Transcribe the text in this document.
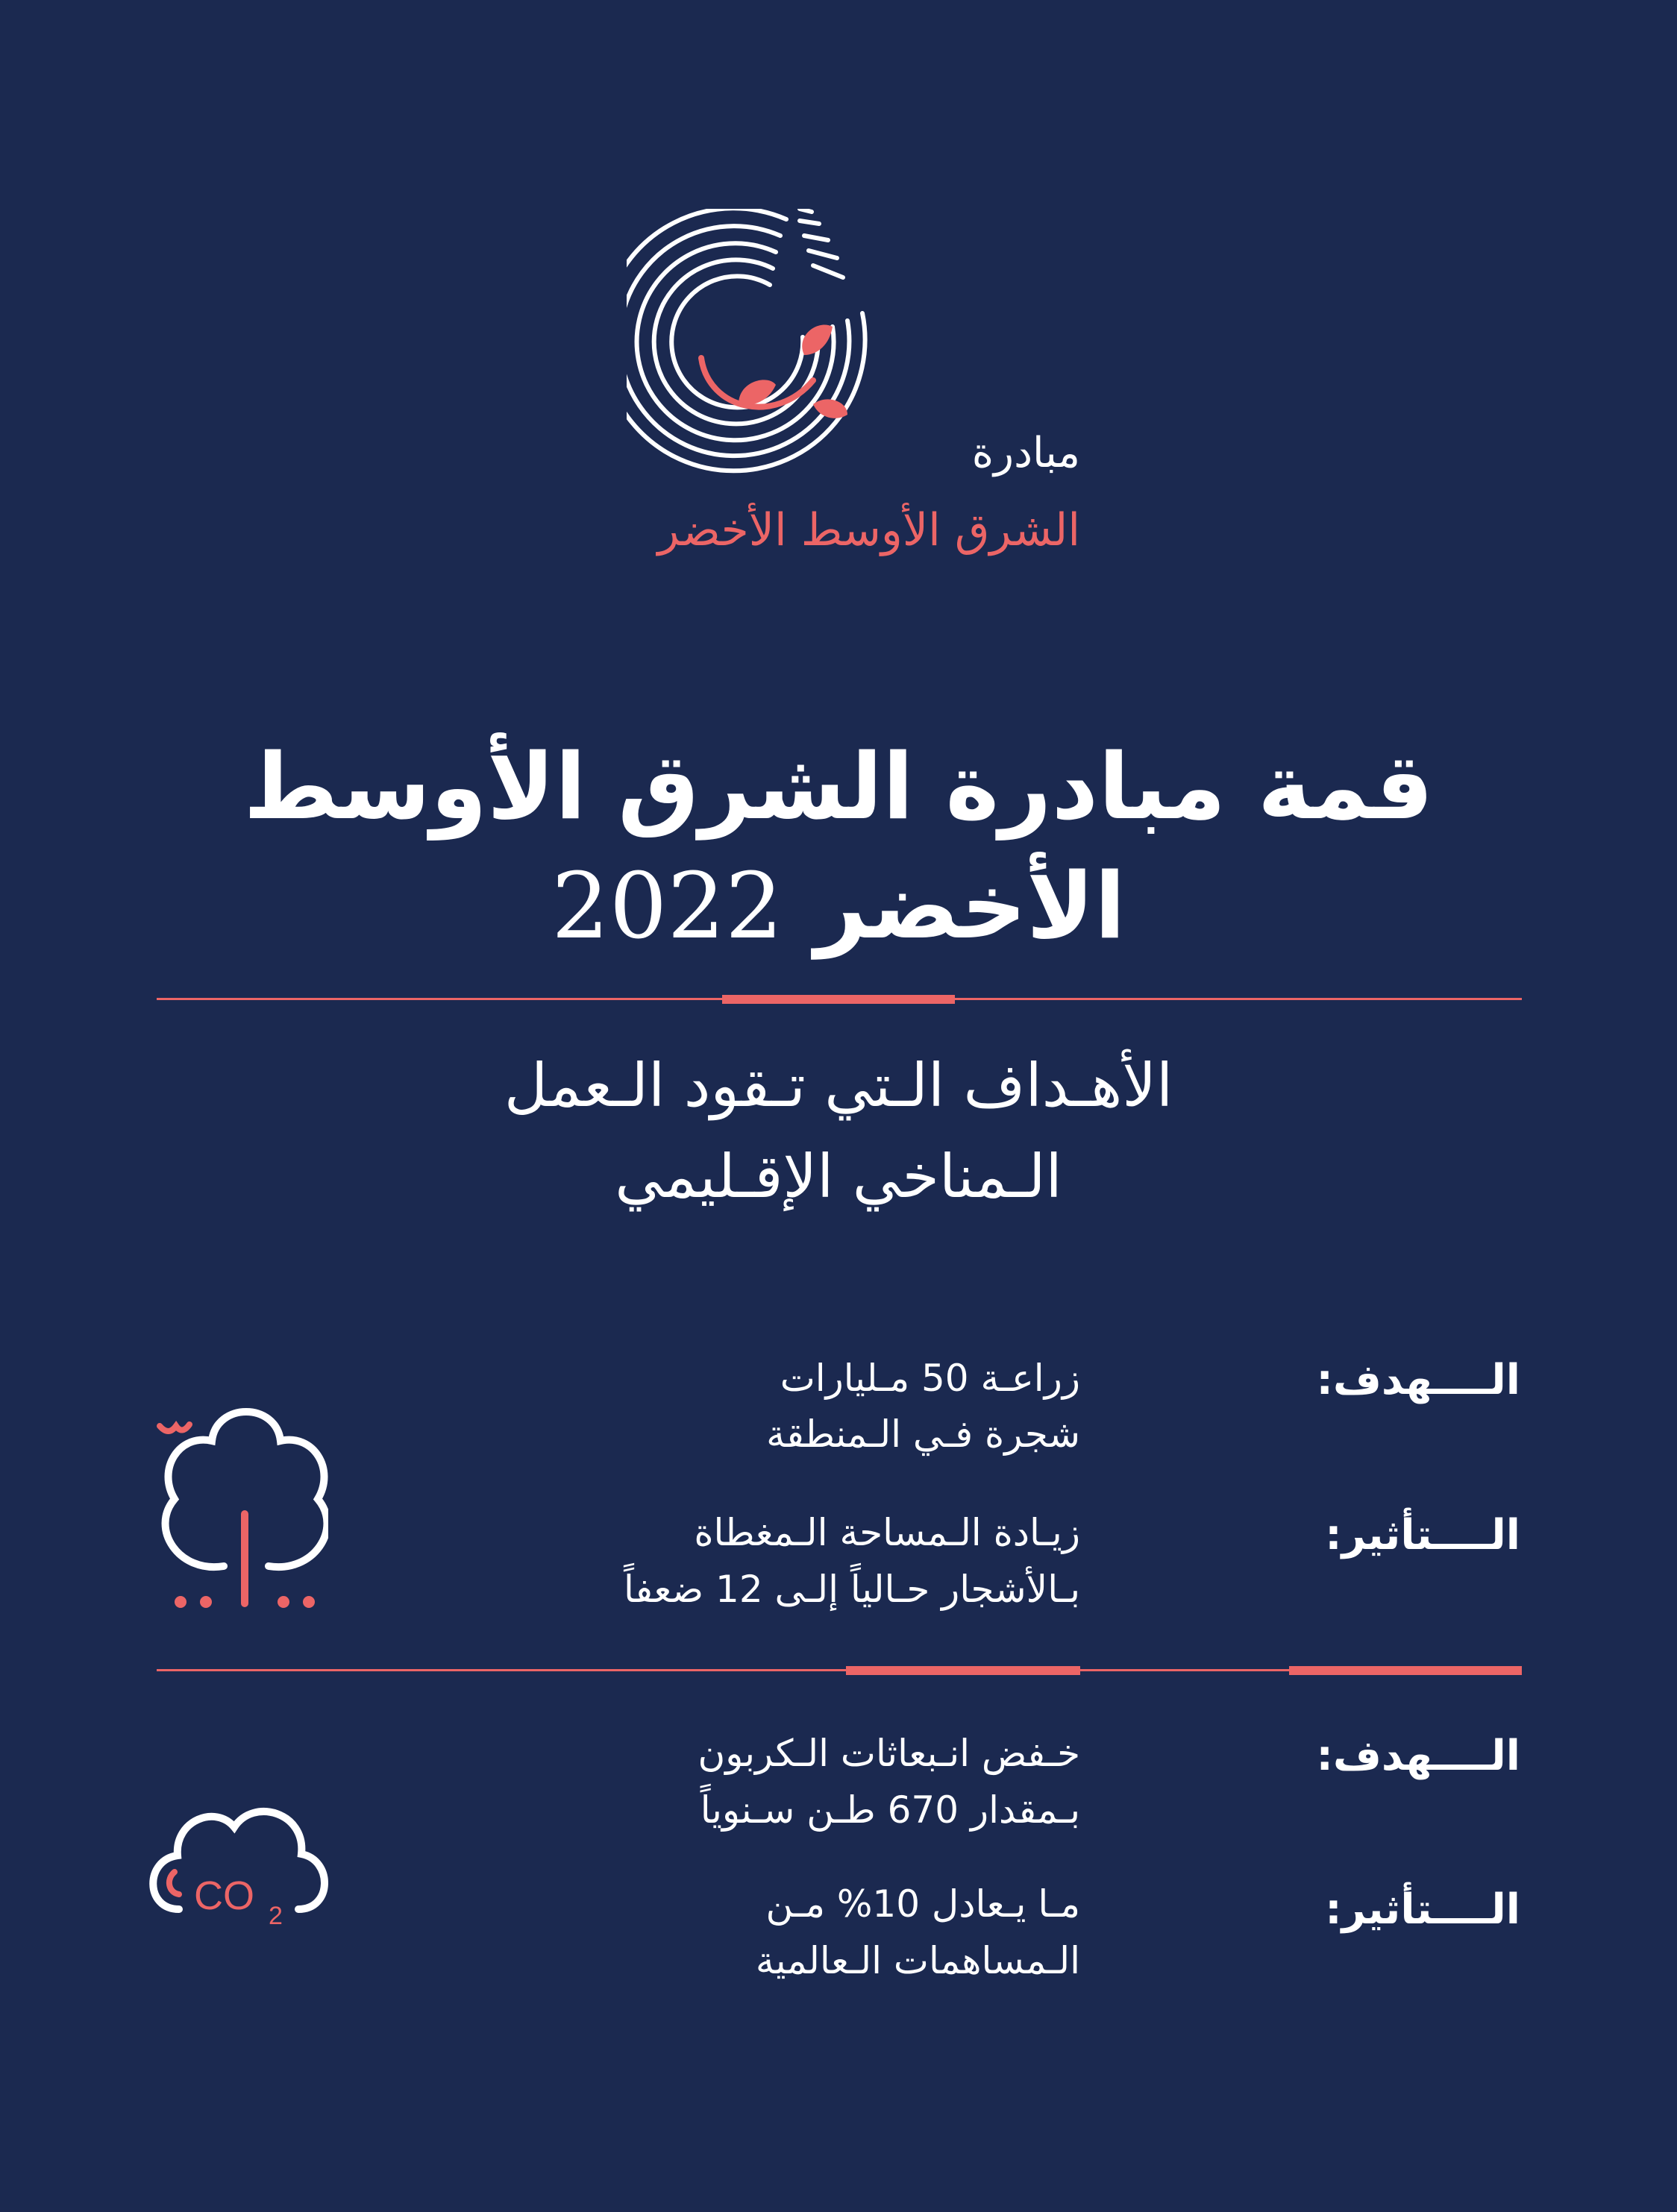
مبادرة
الشرق الأوسط الأخضر
قمة مبادرة الشرق الأوسط
الأخضر 2022
الأهـداف الـتي تـقود الـعمل
الـمناخي الإقـليمي
الــــهدف:
زراعـة 50 مـليارات
شجرة فـي الـمنطقة
الــــتأثير:
زيـادة الـمساحة الـمغطاة
بـالأشجار حـالياً إلـى 12 ضعفاً
CO 2
الــــهدف:
خـفض انـبعاثات الـكربون
بـمقدار 670 طـن سـنوياً
الــــتأثير:
مـا يـعادل 10% مـن
الـمساهمات الـعالمية
